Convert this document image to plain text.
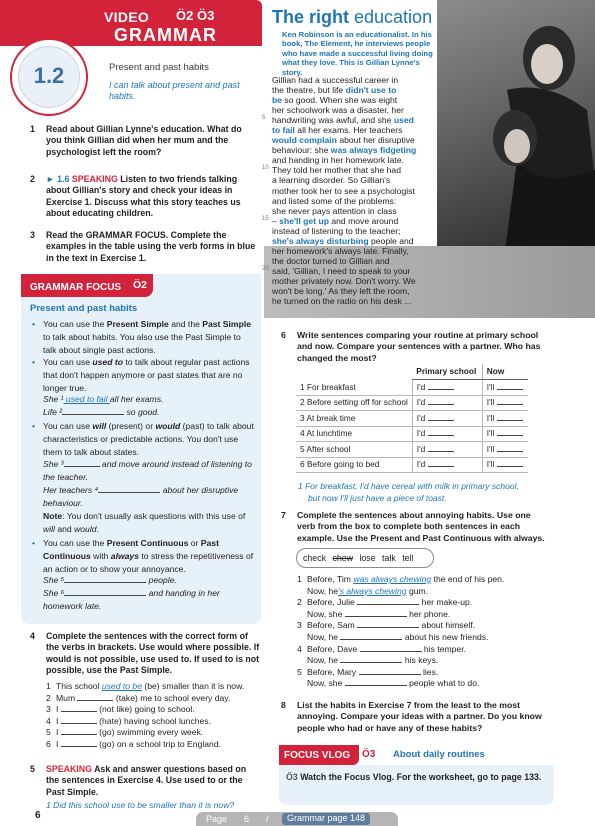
VIDEO Ö2 Ö3
GRAMMAR
1.2	Present and past habits
I can talk about present and past habits.
1	Read about Gillian Lynne's education. What do you think Gillian did when her mum and the psychologist left the room?
2	► 1.6 SPEAKING Listen to two friends talking about Gillian's story and check your ideas in Exercise 1. Discuss what this story teaches us about educating children.
3	Read the GRAMMAR FOCUS. Complete the examples in the table using the verb forms in blue in the text in Exercise 1.
GRAMMAR FOCUS Ö2
Present and past habits
• You can use the Present Simple and the Past Simple to talk about habits. You also use the Past Simple to talk about single past actions.
She ¹ used to fail all her exams.
Life ²	so good.
• You can use used to to talk about regular past actions that don't happen anymore or past states that are no longer true.
• You can use will (present) or would (past) to talk about characteristics or predictable actions. You don't use them to talk about states.
She ³	and move around instead of listening to the teacher.
Her teachers ⁴	about her disruptive behaviour.
Note: You don't usually ask questions with this use of will and would.
• You can use the Present Continuous or Past Continuous with always to stress the repetitiveness of an action or to show your annoyance.
She ⁵	people.
She ⁶	and handing in her homework late.
4	Complete the sentences with the correct form of the verbs in brackets. Use would where possible. If would is not possible, use used to. If used to is not possible, use the Past Simple.
1 This school used to be (be) smaller than it is now.
2 Mum	(take) me to school every day.
3 I	(not like) going to school.
4 I	(hate) having school lunches.
5 I	(go) swimming every week.
6 I	(go) on a school trip to England.
5	SPEAKING Ask and answer questions based on the sentences in Exercise 4. Use used to or the Past Simple.
1 Did this school use to be smaller than it is now?
The right education
Ken Robinson is an educationalist. In his book, The Element, he interviews people who have made a successful living doing what they love. This is Gillian Lynne's story.
Gillian had a successful career in
the theatre, but life didn't use to
be so good. When she was eight
her schoolwork was a disaster, her
handwriting was awful, and she used
5
to fail all her exams. Her teachers
would complain about her disruptive
behaviour: she was always fidgeting
and handing in her homework late.
They told her mother that she had
10
a learning disorder. So Gillian's
mother took her to see a psychologist
and listed some of the problems:
she never pays attention in class
– she'll get up and move around
15
instead of listening to the teacher;
she's always disturbing people and
her homework's always late. Finally,
the doctor turned to Gillian and
said, 'Gillian, I need to speak to your
20
mother privately now. Don't worry. We
won't be long.' As they left the room,
he turned on the radio on his desk ...
6	Write sentences comparing your routine at primary school and now. Compare your sentences with a partner. Who has changed the most?
	Primary school	Now
1 For breakfast	I'd	I'll
2 Before setting off for school	I'd	I'll
3 At break time	I'd	I'll
4 At lunchtime	I'd	I'll
5 After school	I'd	I'll
6 Before going to bed	I'd	I'll
1 For breakfast, I'd have cereal with milk in primary school,
but now I'll just have a piece of toast.
7	Complete the sentences about annoying habits. Use one verb from the box to complete both sentences in each example. Use the Present and Past Continuous with always.
check chew lose talk tell
1 Before, Tim was always chewing the end of his pen.
Now, he's always chewing gum.
2 Before, Julie	her make-up.
Now, she	her phone.
3 Before, Sam	about himself.
Now, he	about his new friends.
4 Before, Dave	his temper.
Now, he	his keys.
5 Before, Mary	lies.
Now, she	people what to do.
8	List the habits in Exercise 7 from the least to the most annoying. Compare your ideas with a partner. Do you know people who had or have any of these habits?
FOCUS VLOG Ö3 About daily routines
Ö3 Watch the Focus Vlog. For the worksheet, go to page 133.
6	Page 6 /	Grammar page 148
